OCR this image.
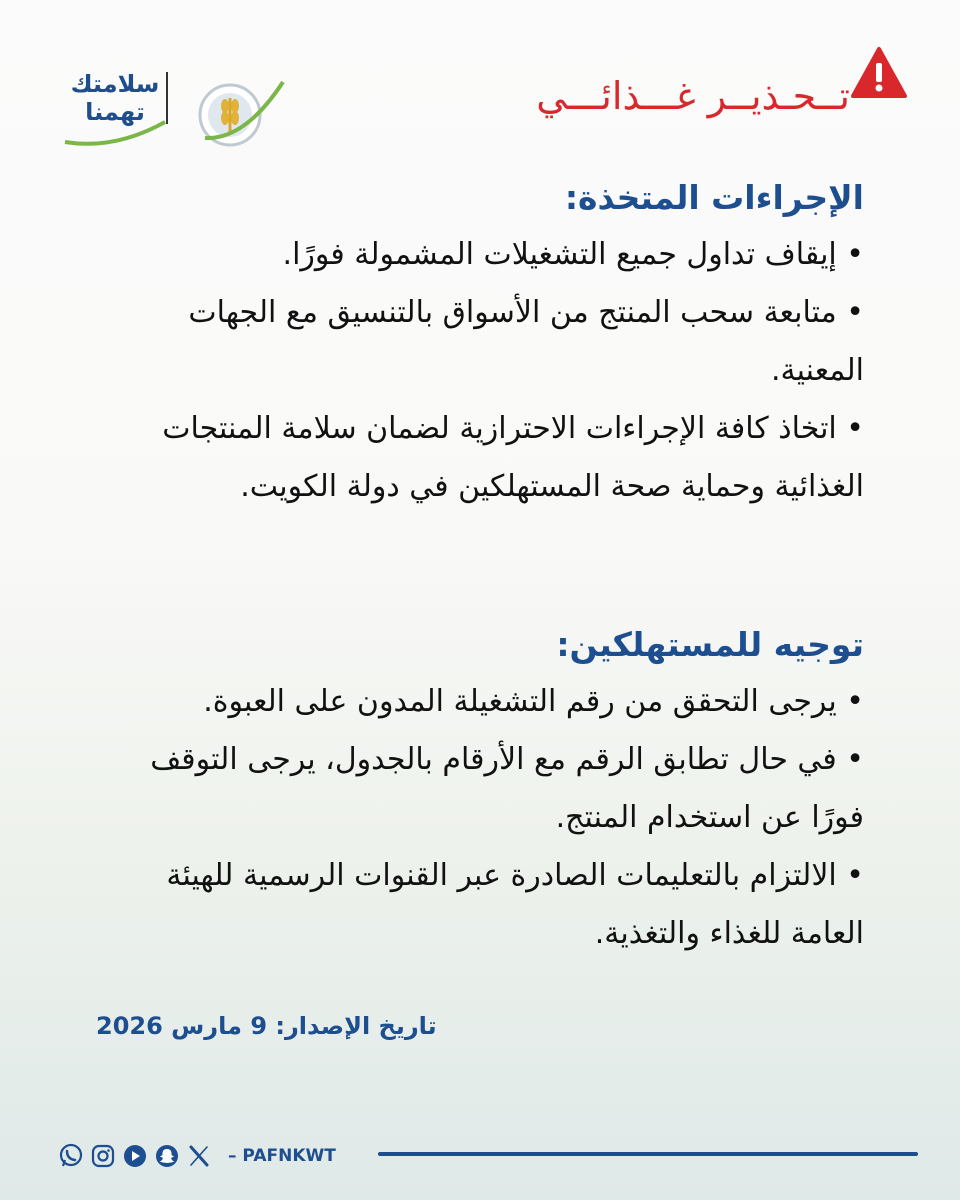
سلامتك
تهمنا	تــحـذيــر غـــذائـــي
الإجراءات المتخذة:

• إيقاف تداول جميع التشغيلات المشمولة فورًا.

• متابعة سحب المنتج من الأسواق بالتنسيق مع الجهات المعنية.

• اتخاذ كافة الإجراءات الاحترازية لضمان سلامة المنتجات الغذائية وحماية صحة المستهلكين في دولة الكويت.

توجيه للمستهلكين:

• يرجى التحقق من رقم التشغيلة المدون على العبوة.

• في حال تطابق الرقم مع الأرقام بالجدول، يرجى التوقف فورًا عن استخدام المنتج.

• الالتزام بالتعليمات الصادرة عبر القنوات الرسمية للهيئة العامة للغذاء والتغذية.

تاريخ الإصدار: 9 مارس 2026
– PAFNKWT
